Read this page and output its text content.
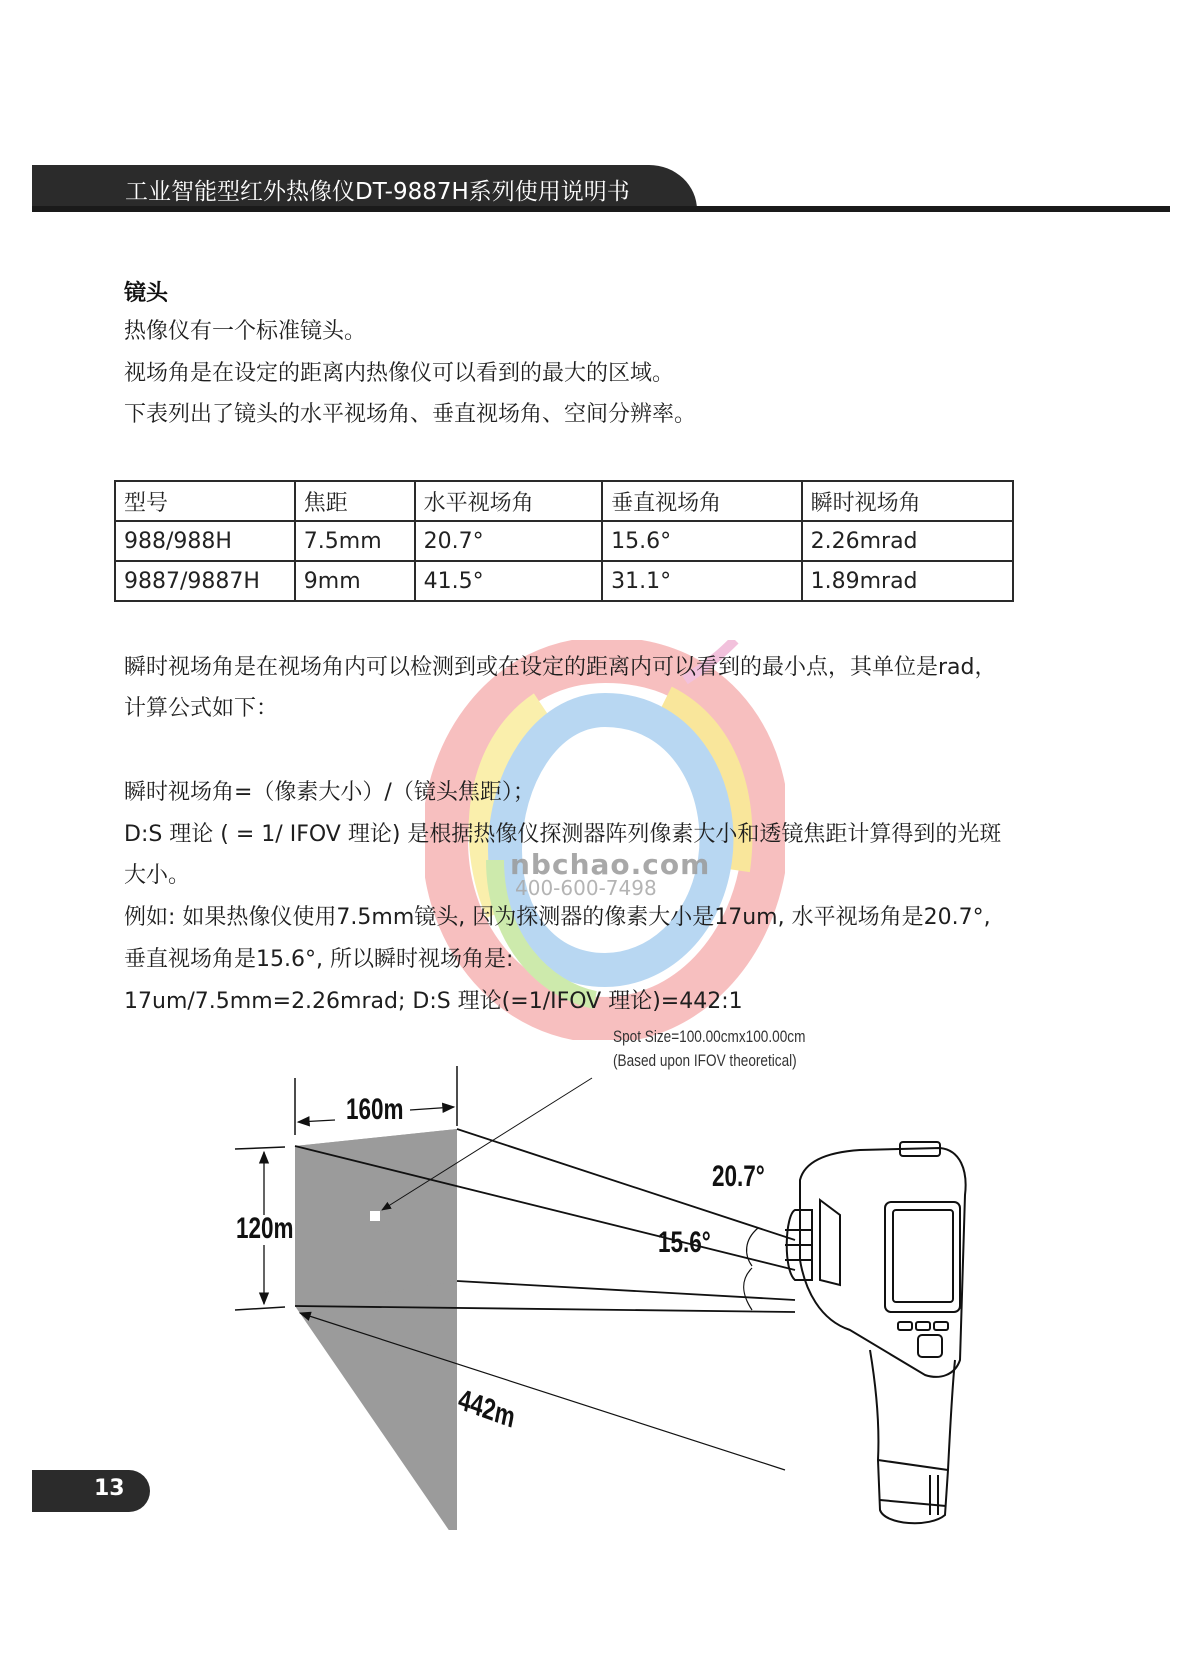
工业智能型红外热像仪DT-9887H系列使用说明书
nbchao.com
400-600-7498
镜头
热像仪有一个标准镜头。
视场角是在设定的距离内热像仪可以看到的最大的区域。
下表列出了镜头的水平视场角、垂直视场角、空间分辨率。
型号	焦距	水平视场角	垂直视场角	瞬时视场角
988/988H	7.5mm	20.7°	15.6°	2.26mrad
9887/9887H	9mm	41.5°	31.1°	1.89mrad
瞬时视场角是在视场角内可以检测到或在设定的距离内可以看到的最小点，其单位是rad，
计算公式如下：
瞬时视场角=（像素大小）/（镜头焦距）；
D:S 理论 ( = 1/ IFOV 理论) 是根据热像仪探测器阵列像素大小和透镜焦距计算得到的光斑
大小。
例如: 如果热像仪使用7.5mm镜头, 因为探测器的像素大小是17um, 水平视场角是20.7°,
垂直视场角是15.6°, 所以瞬时视场角是:
17um/7.5mm=2.26mrad; D:S 理论(=1/IFOV 理论)=442:1
Spot Size=100.00cmx100.00cm
(Based upon IFOV theoretical)
160m
120m
20.7°
15.6°
442m
13
